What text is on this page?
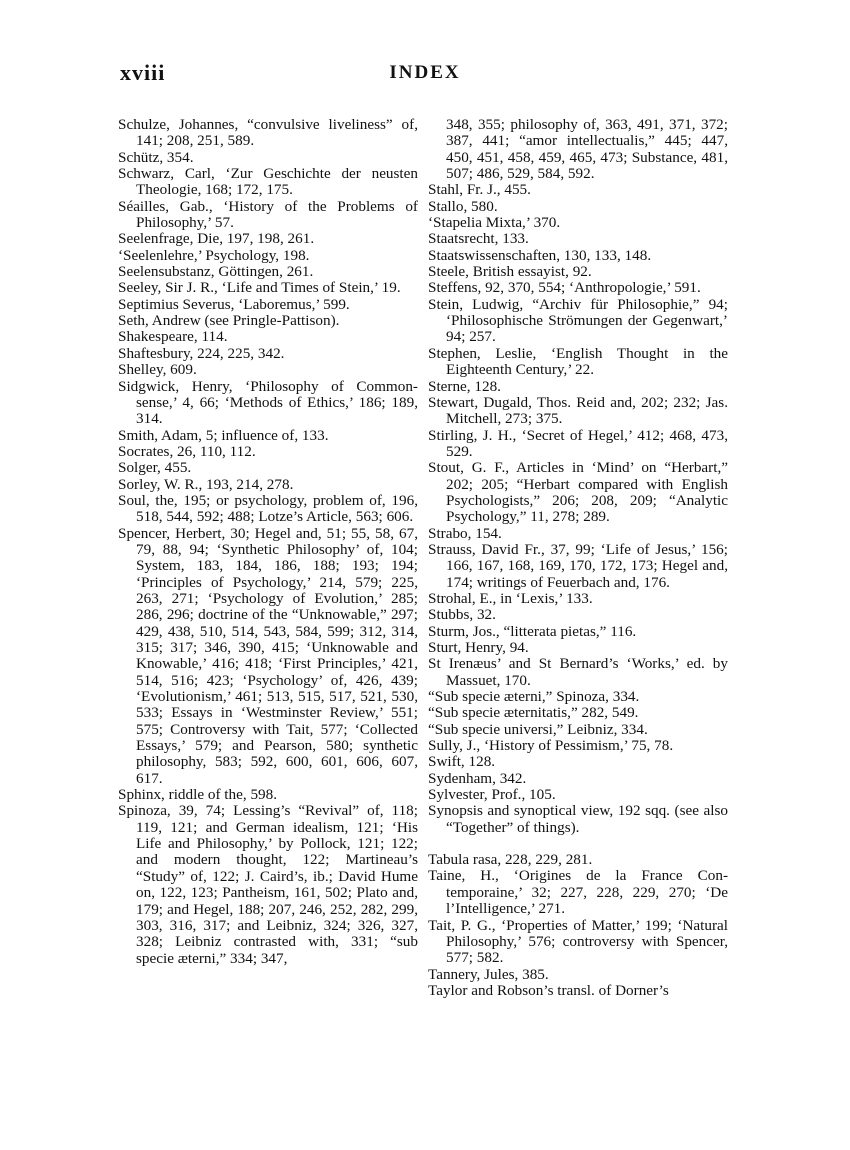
xviii	INDEX

Schulze, Johannes, “convulsive liveliness” of, 141; 208, 251, 589.

Schütz, 354.

Schwarz, Carl, ‘Zur Geschichte der neusten Theologie, 168; 172, 175.

Séailles, Gab., ‘History of the Problems of Philosophy,’ 57.

Seelenfrage, Die, 197, 198, 261.

‘Seelenlehre,’ Psychology, 198.

Seelensubstanz, Göttingen, 261.

Seeley, Sir J. R., ‘Life and Times of Stein,’ 19.

Septimius Severus, ‘Laboremus,’ 599.

Seth, Andrew (see Pringle-Pattison).

Shakespeare, 114.

Shaftesbury, 224, 225, 342.

Shelley, 609.

Sidgwick, Henry, ‘Philosophy of Common-sense,’ 4, 66; ‘Methods of Ethics,’ 186; 189, 314.

Smith, Adam, 5; influence of, 133.

Socrates, 26, 110, 112.

Solger, 455.

Sorley, W. R., 193, 214, 278.

Soul, the, 195; or psychology, problem of, 196, 518, 544, 592; 488; Lotze’s Article, 563; 606.

Spencer, Herbert, 30; Hegel and, 51; 55, 58, 67, 79, 88, 94; ‘Synthetic Philosophy’ of, 104; System, 183, 184, 186, 188; 193; 194; ‘Principles of Psychology,’ 214, 579; 225, 263, 271; ‘Psychology of Evolution,’ 285; 286, 296; doctrine of the “Unknowable,” 297; 429, 438, 510, 514, 543, 584, 599; 312, 314, 315; 317; 346, 390, 415; ‘Unknowable and Knowable,’ 416; 418; ‘First Principles,’ 421, 514, 516; 423; ‘Psychology’ of, 426, 439; ‘Evolutionism,’ 461; 513, 515, 517, 521, 530, 533; Essays in ‘Westminster Review,’ 551; 575; Controversy with Tait, 577; ‘Collected Essays,’ 579; and Pearson, 580; synthetic philosophy, 583; 592, 600, 601, 606, 607, 617.

Sphinx, riddle of the, 598.

Spinoza, 39, 74; Lessing’s “Revival” of, 118; 119, 121; and German idealism, 121; ‘His Life and Philosophy,’ by Pollock, 121; 122; and modern thought, 122; Martineau’s “Study” of, 122; J. Caird’s, ib.; David Hume on, 122, 123; Pantheism, 161, 502; Plato and, 179; and Hegel, 188; 207, 246, 252, 282, 299, 303, 316, 317; and Leibniz, 324; 326, 327, 328; Leibniz contrasted with, 331; “sub specie æterni,” 334; 347,

348, 355; philosophy of, 363, 491, 371, 372; 387, 441; “amor intellectualis,” 445; 447, 450, 451, 458, 459, 465, 473; Substance, 481, 507; 486, 529, 584, 592.

Stahl, Fr. J., 455.

Stallo, 580.

‘Stapelia Mixta,’ 370.

Staatsrecht, 133.

Staatswissenschaften, 130, 133, 148.

Steele, British essayist, 92.

Steffens, 92, 370, 554; ‘Anthropologie,’ 591.

Stein, Ludwig, “Archiv für Philosophie,” 94; ‘Philosophische Strömungen der Gegenwart,’ 94; 257.

Stephen, Leslie, ‘English Thought in the Eighteenth Century,’ 22.

Sterne, 128.

Stewart, Dugald, Thos. Reid and, 202; 232; Jas. Mitchell, 273; 375.

Stirling, J. H., ‘Secret of Hegel,’ 412; 468, 473, 529.

Stout, G. F., Articles in ‘Mind’ on “Herbart,” 202; 205; “Herbart compared with English Psychologists,” 206; 208, 209; “Analytic Psychology,” 11, 278; 289.

Strabo, 154.

Strauss, David Fr., 37, 99; ‘Life of Jesus,’ 156; 166, 167, 168, 169, 170, 172, 173; Hegel and, 174; writings of Feuerbach and, 176.

Strohal, E., in ‘Lexis,’ 133.

Stubbs, 32.

Sturm, Jos., “litterata pietas,” 116.

Sturt, Henry, 94.

St Irenæus’ and St Bernard’s ‘Works,’ ed. by Massuet, 170.

“Sub specie æterni,” Spinoza, 334.

“Sub specie æternitatis,” 282, 549.

“Sub specie universi,” Leibniz, 334.

Sully, J., ‘History of Pessimism,’ 75, 78.

Swift, 128.

Sydenham, 342.

Sylvester, Prof., 105.

Synopsis and synoptical view, 192 sqq. (see also “Together” of things).

Tabula rasa, 228, 229, 281.

Taine, H., ‘Origines de la France Contemporaine,’ 32; 227, 228, 229, 270; ‘De l’Intelligence,’ 271.

Tait, P. G., ‘Properties of Matter,’ 199; ‘Natural Philosophy,’ 576; controversy with Spencer, 577; 582.

Tannery, Jules, 385.

Taylor and Robson’s transl. of Dorner’s
